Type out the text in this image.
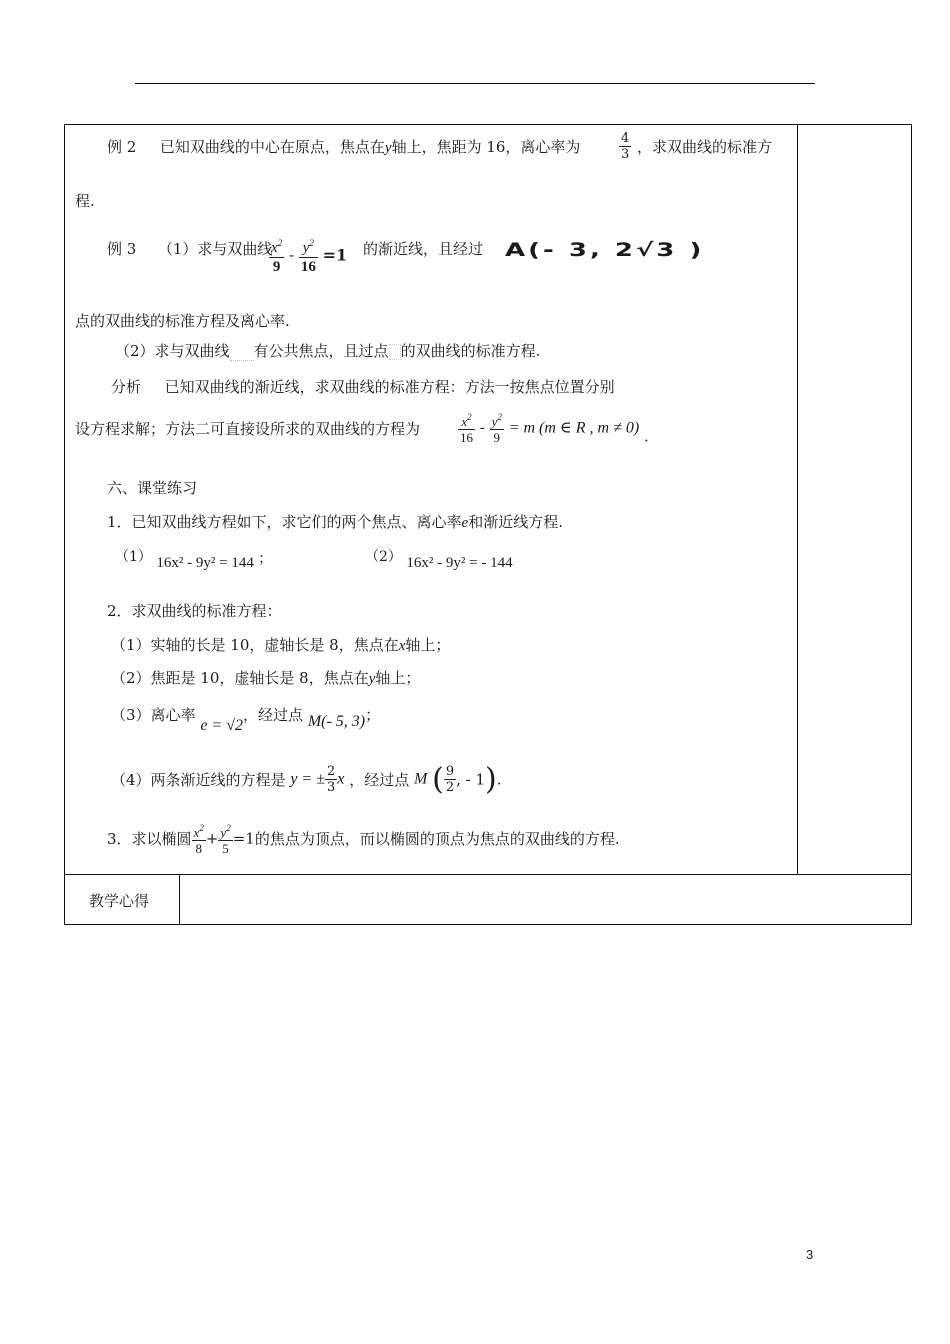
例 2 已知双曲线的中心在原点，焦点在y轴上，焦距为 16，离心率为	$\frac{4}{3}$ ，求双曲线的标准方
程.
例 3 （1）求与双曲线
$\frac{x^2}{9} - \frac{y^2}{16} =1$ 的渐近线，且经过 A(- 3, 2√3 )
点的双曲线的标准方程及离心率.
（2）求与双曲线 有公共焦点，且过点 的双曲线的标准方程.
分析 已知双曲线的渐近线，求双曲线的标准方程：方法一按焦点位置分别
设方程求解；方法二可直接设所求的双曲线的方程为	$\frac{x^2}{16} - \frac{y^2}{9} = m$ (m ∈ R , m ≠ 0) .
六、课堂练习
1．已知双曲线方程如下，求它们的两个焦点、离心率e和渐近线方程.
（1） 16x² - 9y² = 144 ；	（2） 16x² - 9y² = - 144
2．求双曲线的标准方程：
（1）实轴的长是 10，虚轴长是 8，焦点在x轴上；
（2）焦距是 10，虚轴长是 8，焦点在y轴上；
（3）离心率 e = √2，经过点 M(- 5, 3)；
（4）两条渐近线的方程是 y = ± $\frac{2}{3}$ x ，经过点 M ( $\frac{9}{2}$ , - 1).
3．求以椭圆 $\frac{x^2}{8} + \frac{y^2}{5} =1$的焦点为顶点，而以椭圆的顶点为焦点的双曲线的方程.
教学心得
3
